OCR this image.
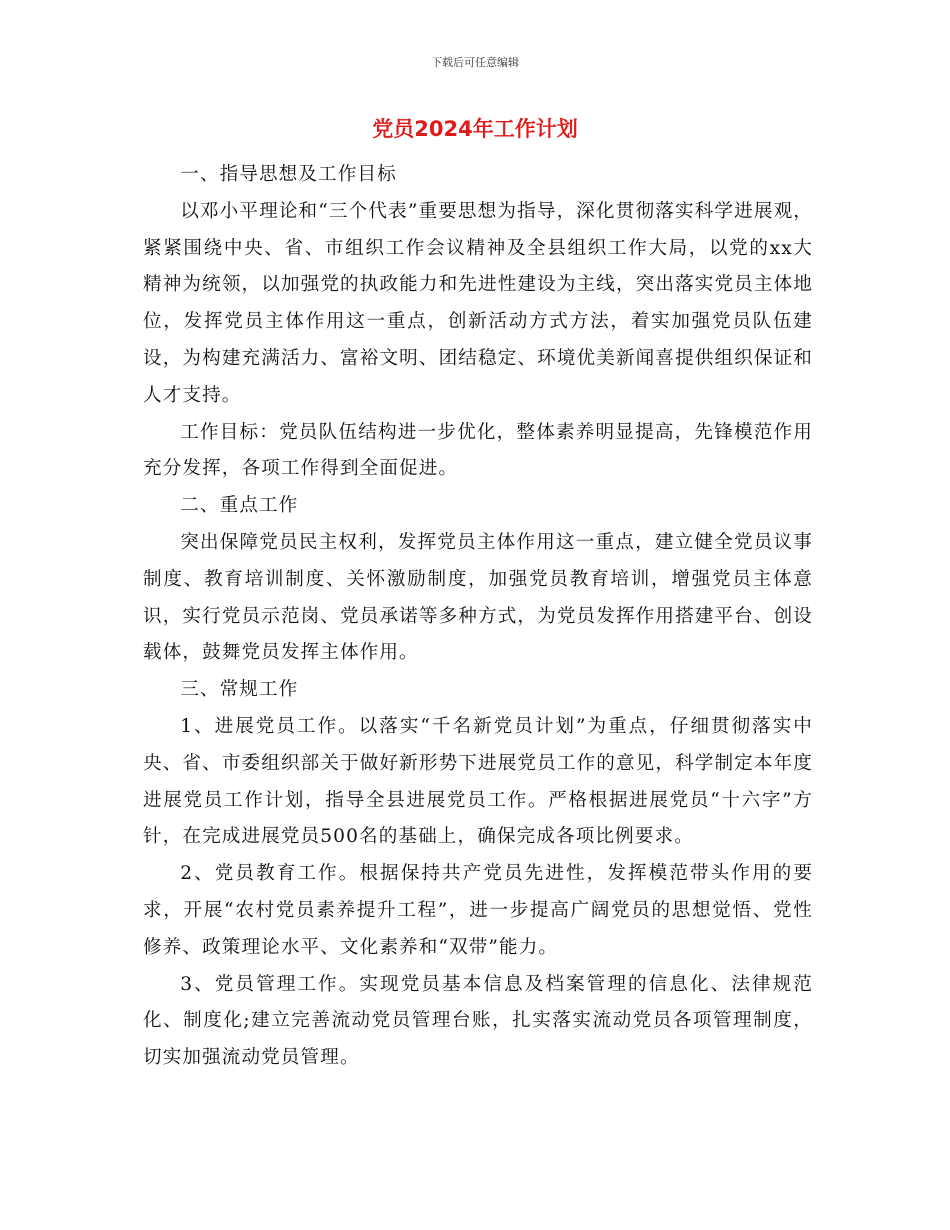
下载后可任意编辑
党员2024年工作计划

一、指导思想及工作目标

以邓小平理论和“三个代表”重要思想为指导，深化贯彻落实科学进展观，紧紧围绕中央、省、市组织工作会议精神及全县组织工作大局，以党的xx大精神为统领，以加强党的执政能力和先进性建设为主线，突出落实党员主体地位，发挥党员主体作用这一重点，创新活动方式方法，着实加强党员队伍建设，为构建充满活力、富裕文明、团结稳定、环境优美新闻喜提供组织保证和人才支持。

工作目标：党员队伍结构进一步优化，整体素养明显提高，先锋模范作用充分发挥，各项工作得到全面促进。

二、重点工作

突出保障党员民主权利，发挥党员主体作用这一重点，建立健全党员议事制度、教育培训制度、关怀激励制度，加强党员教育培训，增强党员主体意识，实行党员示范岗、党员承诺等多种方式，为党员发挥作用搭建平台、创设载体，鼓舞党员发挥主体作用。

三、常规工作

1、进展党员工作。以落实“千名新党员计划”为重点，仔细贯彻落实中央、省、市委组织部关于做好新形势下进展党员工作的意见，科学制定本年度进展党员工作计划，指导全县进展党员工作。严格根据进展党员“十六字”方针，在完成进展党员500名的基础上，确保完成各项比例要求。

2、党员教育工作。根据保持共产党员先进性，发挥模范带头作用的要求，开展“农村党员素养提升工程”，进一步提高广阔党员的思想觉悟、党性修养、政策理论水平、文化素养和“双带”能力。

3、党员管理工作。实现党员基本信息及档案管理的信息化、法律规范化、制度化;建立完善流动党员管理台账，扎实落实流动党员各项管理制度，切实加强流动党员管理。
